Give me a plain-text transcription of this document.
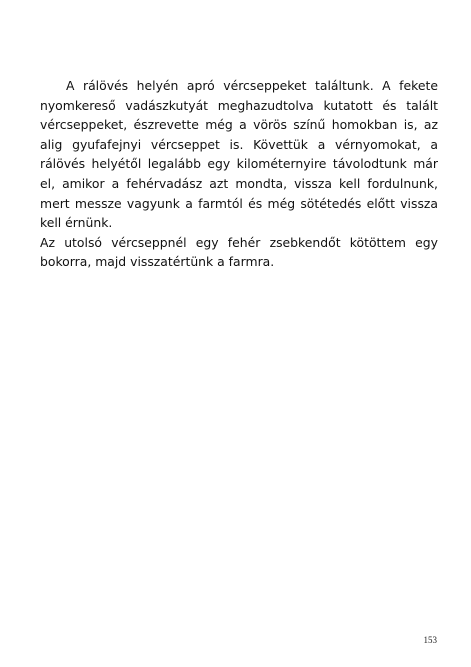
A rálövés helyén apró vércseppeket találtunk. A fekete nyomkereső vadászkutyát meghazudtolva kutatott és talált vércseppeket, észrevette még a vörös színű homokban is, az alig gyufafejnyi vércseppet is. Követtük a vérnyomokat, a rálövés helyétől legalább egy kilométernyire távolodtunk már el, amikor a fehérvadász azt mondta, vissza kell fordulnunk, mert messze vagyunk a farmtól és még sötétedés előtt vissza kell érnünk.

Az utolsó vércseppnél egy fehér zsebkendőt kötöttem egy bokorra, majd visszatértünk a farmra.

153
